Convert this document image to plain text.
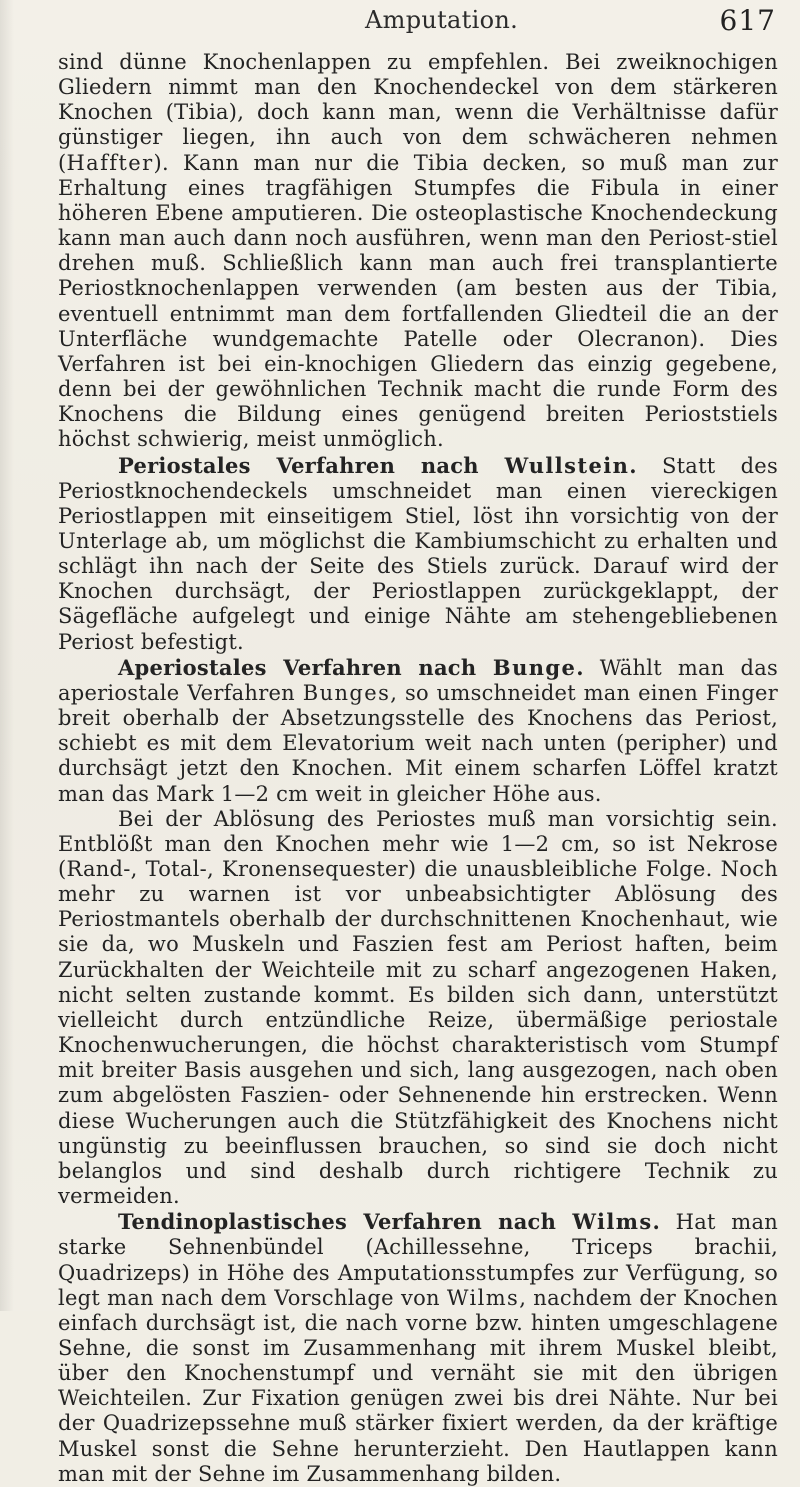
Amputation.	617

sind dünne Knochenlappen zu empfehlen. Bei zweiknochigen Gliedern nimmt man den Knochendeckel von dem stärkeren Knochen (Tibia), doch kann man, wenn die Verhältnisse dafür günstiger liegen, ihn auch von dem schwächeren nehmen (Haffter). Kann man nur die Tibia decken, so muß man zur Erhaltung eines tragfähigen Stumpfes die Fibula in einer höheren Ebene amputieren. Die osteoplastische Knochendeckung kann man auch dann noch ausführen, wenn man den Periost-stiel drehen muß. Schließlich kann man auch frei transplantierte Periostknochenlappen verwenden (am besten aus der Tibia, eventuell entnimmt man dem fortfallenden Gliedteil die an der Unterfläche wundgemachte Patelle oder Olecranon). Dies Verfahren ist bei ein-knochigen Gliedern das einzig gegebene, denn bei der gewöhnlichen Technik macht die runde Form des Knochens die Bildung eines genügend breiten Perioststiels höchst schwierig, meist unmöglich.

Periostales Verfahren nach Wullstein. Statt des Periostknochendeckels umschneidet man einen viereckigen Periostlappen mit einseitigem Stiel, löst ihn vorsichtig von der Unterlage ab, um möglichst die Kambiumschicht zu erhalten und schlägt ihn nach der Seite des Stiels zurück. Darauf wird der Knochen durchsägt, der Periostlappen zurückgeklappt, der Sägefläche aufgelegt und einige Nähte am stehengebliebenen Periost befestigt.

Aperiostales Verfahren nach Bunge. Wählt man das aperiostale Verfahren Bunges, so umschneidet man einen Finger breit oberhalb der Absetzungsstelle des Knochens das Periost, schiebt es mit dem Elevatorium weit nach unten (peripher) und durchsägt jetzt den Knochen. Mit einem scharfen Löffel kratzt man das Mark 1—2 cm weit in gleicher Höhe aus.

Bei der Ablösung des Periostes muß man vorsichtig sein. Entblößt man den Knochen mehr wie 1—2 cm, so ist Nekrose (Rand-, Total-, Kronensequester) die unausbleibliche Folge. Noch mehr zu warnen ist vor unbeabsichtigter Ablösung des Periostmantels oberhalb der durchschnittenen Knochenhaut, wie sie da, wo Muskeln und Faszien fest am Periost haften, beim Zurückhalten der Weichteile mit zu scharf angezogenen Haken, nicht selten zustande kommt. Es bilden sich dann, unterstützt vielleicht durch entzündliche Reize, übermäßige periostale Knochenwucherungen, die höchst charakteristisch vom Stumpf mit breiter Basis ausgehen und sich, lang ausgezogen, nach oben zum abgelösten Faszien- oder Sehnenende hin erstrecken. Wenn diese Wucherungen auch die Stützfähigkeit des Knochens nicht ungünstig zu beeinflussen brauchen, so sind sie doch nicht belanglos und sind deshalb durch richtigere Technik zu vermeiden.

Tendinoplastisches Verfahren nach Wilms. Hat man starke Sehnenbündel (Achillessehne, Triceps brachii, Quadrizeps) in Höhe des Amputationsstumpfes zur Verfügung, so legt man nach dem Vorschlage von Wilms, nachdem der Knochen einfach durchsägt ist, die nach vorne bzw. hinten umgeschlagene Sehne, die sonst im Zusammenhang mit ihrem Muskel bleibt, über den Knochenstumpf und vernäht sie mit den übrigen Weichteilen. Zur Fixation genügen zwei bis drei Nähte. Nur bei der Quadrizepssehne muß stärker fixiert werden, da der kräftige Muskel sonst die Sehne herunterzieht. Den Hautlappen kann man mit der Sehne im Zusammenhang bilden.
